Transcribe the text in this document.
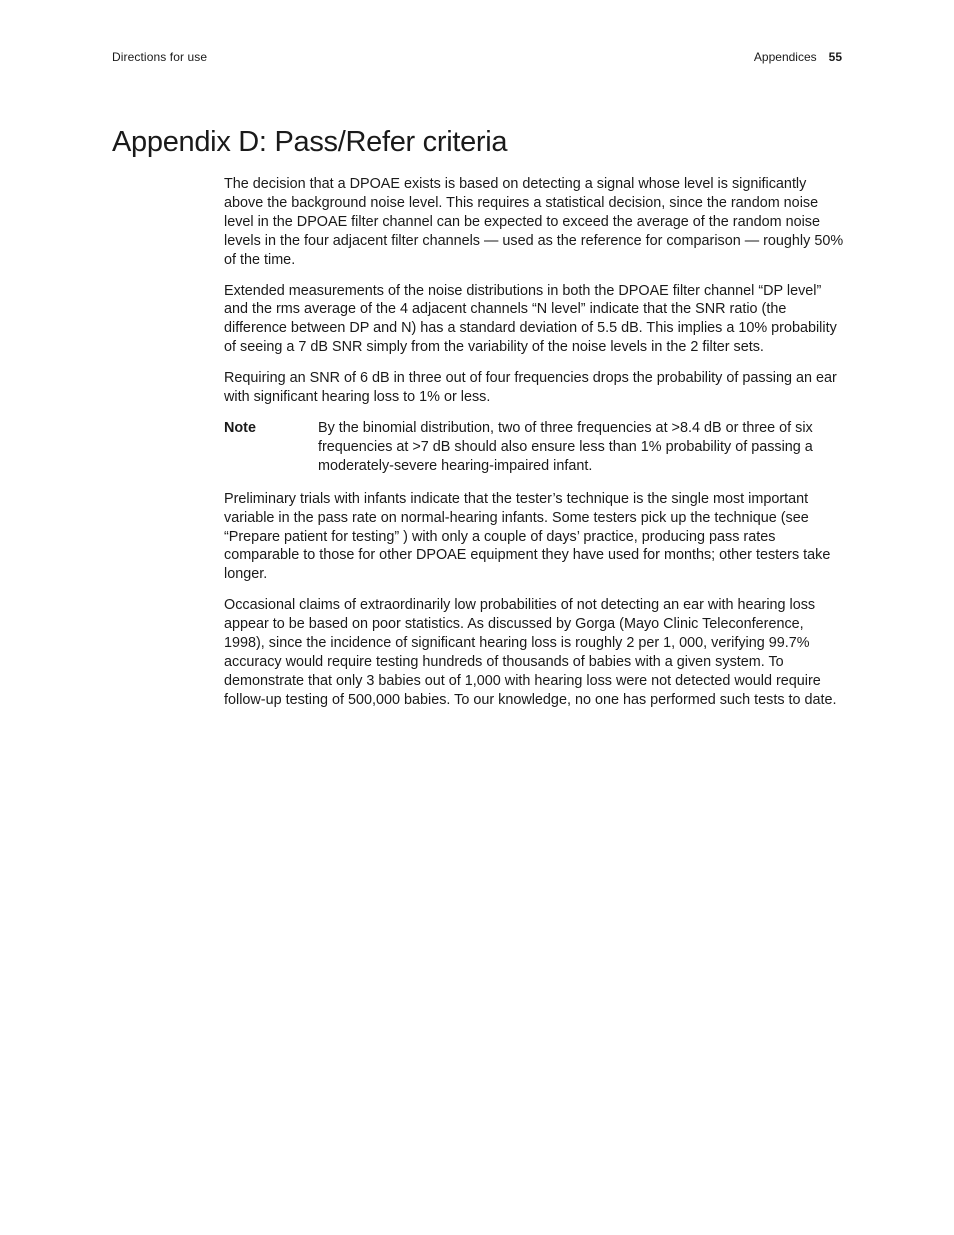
Directions for use	Appendices 55
Appendix D: Pass/Refer criteria

The decision that a DPOAE exists is based on detecting a signal whose level is significantly above the background noise level. This requires a statistical decision, since the random noise level in the DPOAE filter channel can be expected to exceed the average of the random noise levels in the four adjacent filter channels — used as the reference for comparison — roughly 50% of the time.

Extended measurements of the noise distributions in both the DPOAE filter channel “DP level” and the rms average of the 4 adjacent channels “N level” indicate that the SNR ratio (the difference between DP and N) has a standard deviation of 5.5 dB. This implies a 10% probability of seeing a 7 dB SNR simply from the variability of the noise levels in the 2 filter sets.

Requiring an SNR of 6 dB in three out of four frequencies drops the probability of passing an ear with significant hearing loss to 1% or less.

Note	By the binomial distribution, two of three frequencies at >8.4 dB or three of six frequencies at >7 dB should also ensure less than 1% probability of passing a moderately-severe hearing-impaired infant.

Preliminary trials with infants indicate that the tester’s technique is the single most important variable in the pass rate on normal-hearing infants. Some testers pick up the technique (see “Prepare patient for testing” ) with only a couple of days’ practice, producing pass rates comparable to those for other DPOAE equipment they have used for months; other testers take longer.

Occasional claims of extraordinarily low probabilities of not detecting an ear with hearing loss appear to be based on poor statistics. As discussed by Gorga (Mayo Clinic Teleconference, 1998), since the incidence of significant hearing loss is roughly 2 per 1, 000, verifying 99.7% accuracy would require testing hundreds of thousands of babies with a given system. To demonstrate that only 3 babies out of 1,000 with hearing loss were not detected would require follow-up testing of 500,000 babies. To our knowledge, no one has performed such tests to date.
